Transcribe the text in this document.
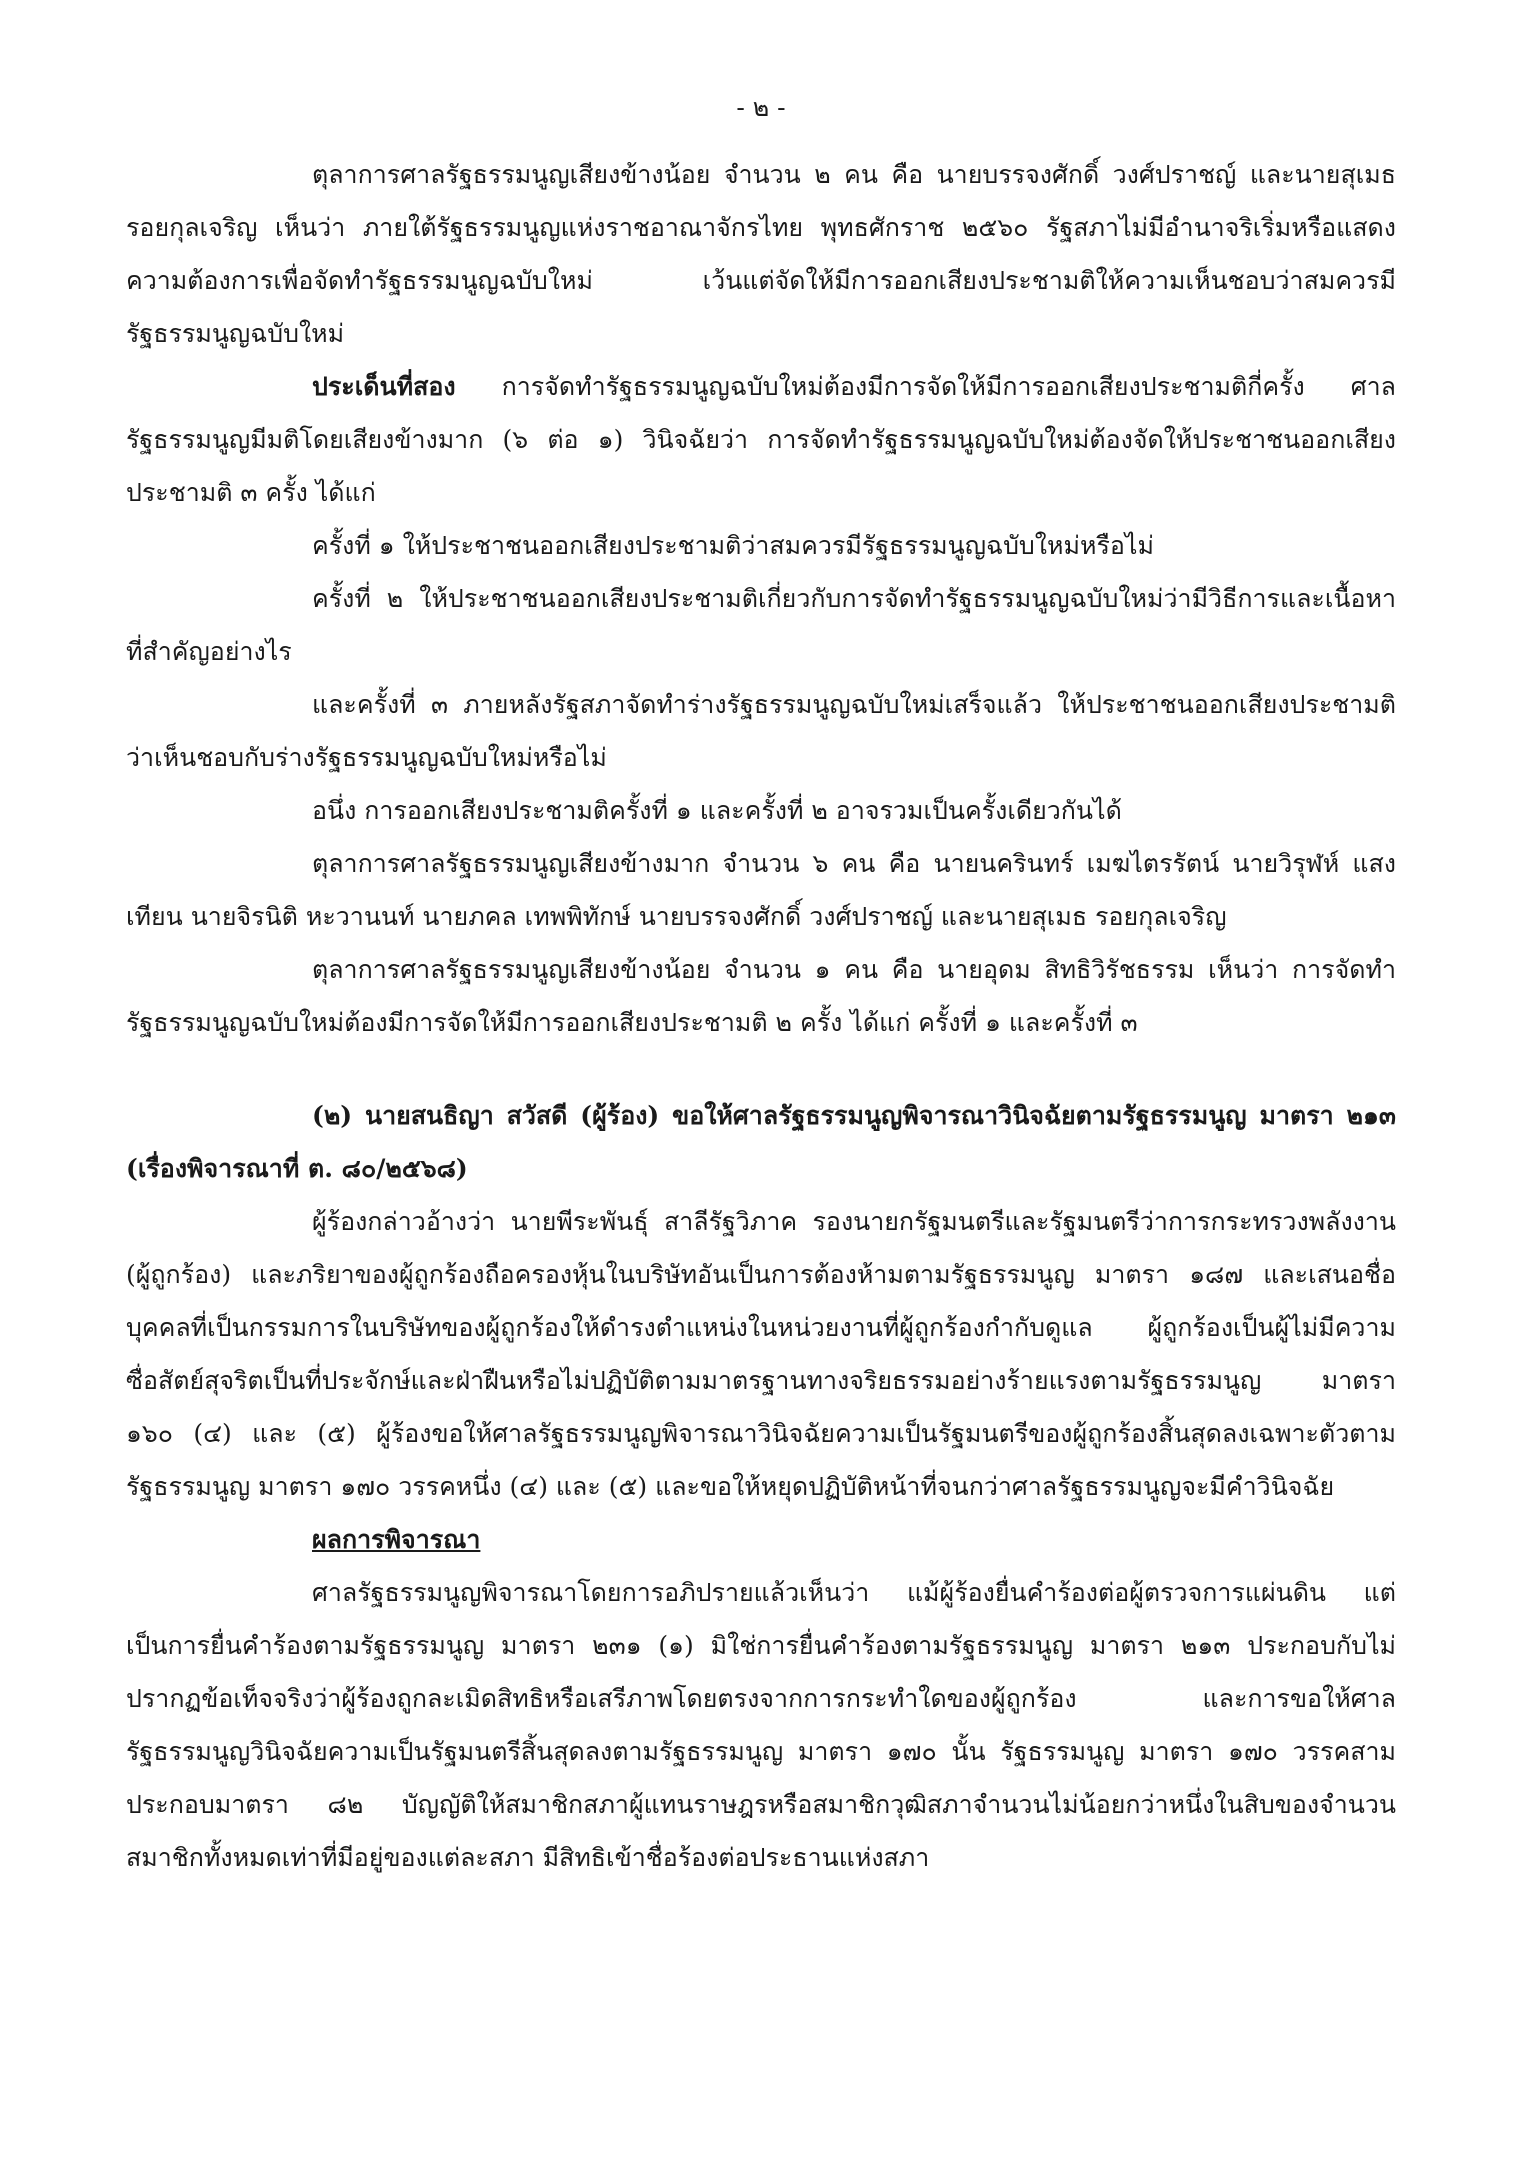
- ๒ -

ตุลาการศาลรัฐธรรมนูญเสียงข้างน้อย จำนวน ๒ คน คือ นายบรรจงศักดิ์ วงศ์ปราชญ์ และนายสุเมธ รอยกุลเจริญ เห็นว่า ภายใต้รัฐธรรมนูญแห่งราชอาณาจักรไทย พุทธศักราช ๒๕๖๐ รัฐสภาไม่มีอำนาจริเริ่มหรือแสดงความต้องการเพื่อจัดทำรัฐธรรมนูญฉบับใหม่ เว้นแต่จัดให้มีการออกเสียงประชามติให้ความเห็นชอบว่าสมควรมีรัฐธรรมนูญฉบับใหม่

ประเด็นที่สอง การจัดทำรัฐธรรมนูญฉบับใหม่ต้องมีการจัดให้มีการออกเสียงประชามติกี่ครั้ง ศาลรัฐธรรมนูญมีมติโดยเสียงข้างมาก (๖ ต่อ ๑) วินิจฉัยว่า การจัดทำรัฐธรรมนูญฉบับใหม่ต้องจัดให้ประชาชนออกเสียงประชามติ ๓ ครั้ง ได้แก่

ครั้งที่ ๑ ให้ประชาชนออกเสียงประชามติว่าสมควรมีรัฐธรรมนูญฉบับใหม่หรือไม่

ครั้งที่ ๒ ให้ประชาชนออกเสียงประชามติเกี่ยวกับการจัดทำรัฐธรรมนูญฉบับใหม่ว่ามีวิธีการและเนื้อหาที่สำคัญอย่างไร

และครั้งที่ ๓ ภายหลังรัฐสภาจัดทำร่างรัฐธรรมนูญฉบับใหม่เสร็จแล้ว ให้ประชาชนออกเสียงประชามติว่าเห็นชอบกับร่างรัฐธรรมนูญฉบับใหม่หรือไม่

อนึ่ง การออกเสียงประชามติครั้งที่ ๑ และครั้งที่ ๒ อาจรวมเป็นครั้งเดียวกันได้

ตุลาการศาลรัฐธรรมนูญเสียงข้างมาก จำนวน ๖ คน คือ นายนครินทร์ เมฆไตรรัตน์ นายวิรุฬห์ แสงเทียน นายจิรนิติ หะวานนท์ นายภคล เทพพิทักษ์ นายบรรจงศักดิ์ วงศ์ปราชญ์ และนายสุเมธ รอยกุลเจริญ

ตุลาการศาลรัฐธรรมนูญเสียงข้างน้อย จำนวน ๑ คน คือ นายอุดม สิทธิวิรัชธรรม เห็นว่า การจัดทำรัฐธรรมนูญฉบับใหม่ต้องมีการจัดให้มีการออกเสียงประชามติ ๒ ครั้ง ได้แก่ ครั้งที่ ๑ และครั้งที่ ๓

(๒) นายสนธิญา สวัสดี (ผู้ร้อง) ขอให้ศาลรัฐธรรมนูญพิจารณาวินิจฉัยตามรัฐธรรมนูญ มาตรา ๒๑๓ (เรื่องพิจารณาที่ ต. ๘๐/๒๕๖๘)

ผู้ร้องกล่าวอ้างว่า นายพีระพันธุ์ สาลีรัฐวิภาค รองนายกรัฐมนตรีและรัฐมนตรีว่าการกระทรวงพลังงาน (ผู้ถูกร้อง) และภริยาของผู้ถูกร้องถือครองหุ้นในบริษัทอันเป็นการต้องห้ามตามรัฐธรรมนูญ มาตรา ๑๘๗ และเสนอชื่อบุคคลที่เป็นกรรมการในบริษัทของผู้ถูกร้องให้ดำรงตำแหน่งในหน่วยงานที่ผู้ถูกร้องกำกับดูแล ผู้ถูกร้องเป็นผู้ไม่มีความซื่อสัตย์สุจริตเป็นที่ประจักษ์และฝ่าฝืนหรือไม่ปฏิบัติตามมาตรฐานทางจริยธรรมอย่างร้ายแรงตามรัฐธรรมนูญ มาตรา ๑๖๐ (๔) และ (๕) ผู้ร้องขอให้ศาลรัฐธรรมนูญพิจารณาวินิจฉัยความเป็นรัฐมนตรีของผู้ถูกร้องสิ้นสุดลงเฉพาะตัวตามรัฐธรรมนูญ มาตรา ๑๗๐ วรรคหนึ่ง (๔) และ (๕) และขอให้หยุดปฏิบัติหน้าที่จนกว่าศาลรัฐธรรมนูญจะมีคำวินิจฉัย

ผลการพิจารณา

ศาลรัฐธรรมนูญพิจารณาโดยการอภิปรายแล้วเห็นว่า แม้ผู้ร้องยื่นคำร้องต่อผู้ตรวจการแผ่นดิน แต่เป็นการยื่นคำร้องตามรัฐธรรมนูญ มาตรา ๒๓๑ (๑) มิใช่การยื่นคำร้องตามรัฐธรรมนูญ มาตรา ๒๑๓ ประกอบกับไม่ปรากฏข้อเท็จจริงว่าผู้ร้องถูกละเมิดสิทธิหรือเสรีภาพโดยตรงจากการกระทำใดของผู้ถูกร้อง และการขอให้ศาลรัฐธรรมนูญวินิจฉัยความเป็นรัฐมนตรีสิ้นสุดลงตามรัฐธรรมนูญ มาตรา ๑๗๐ นั้น รัฐธรรมนูญ มาตรา ๑๗๐ วรรคสาม ประกอบมาตรา ๘๒ บัญญัติให้สมาชิกสภาผู้แทนราษฎรหรือสมาชิกวุฒิสภาจำนวนไม่น้อยกว่าหนึ่งในสิบของจำนวนสมาชิกทั้งหมดเท่าที่มีอยู่ของแต่ละสภา มีสิทธิเข้าชื่อร้องต่อประธานแห่งสภา
